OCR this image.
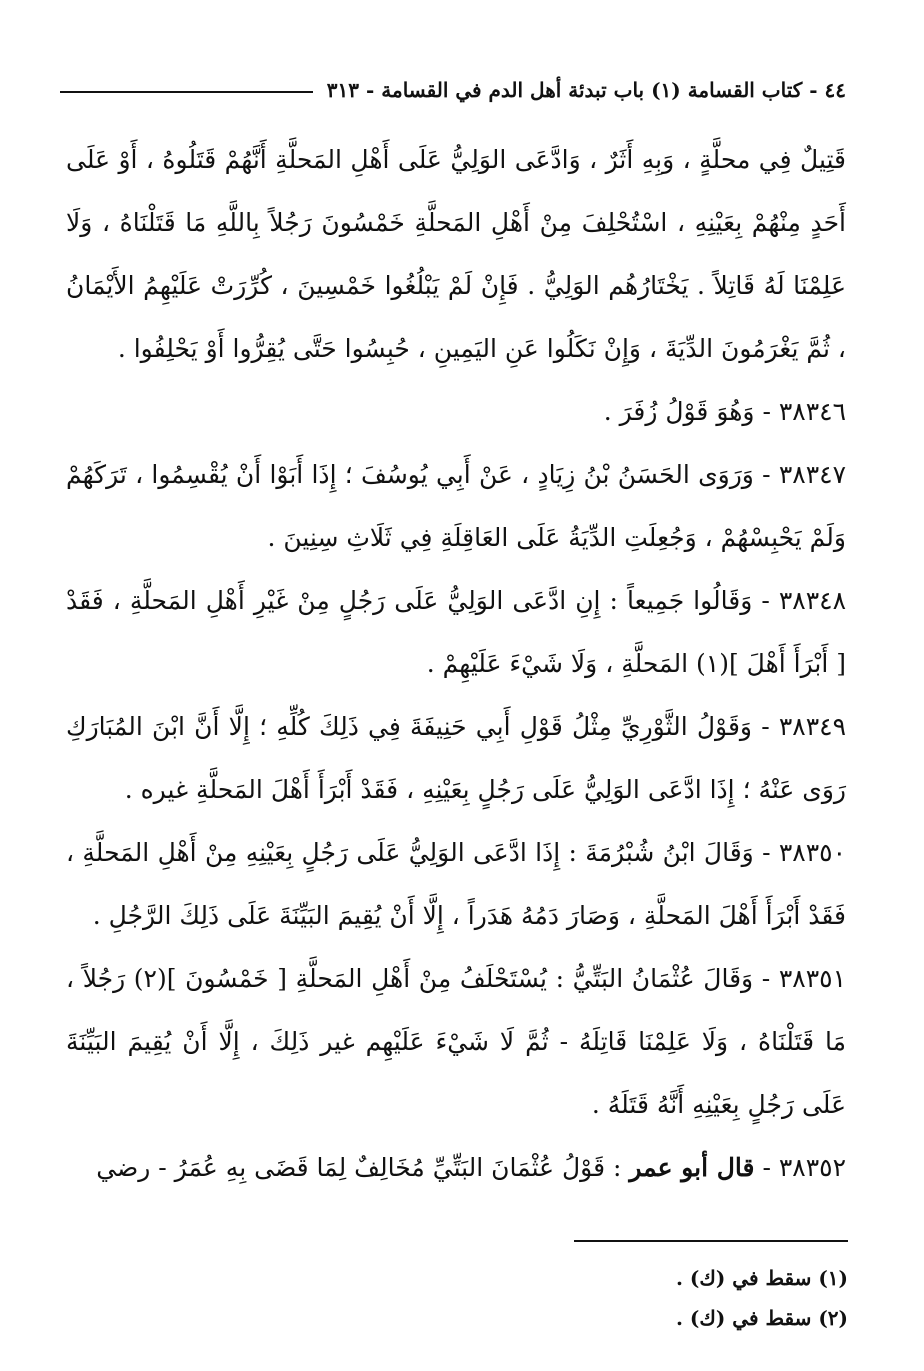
٤٤ - كتاب القسامة (١) باب تبدئة أهل الدم في القسامة - ٣١٣

قَتِيلٌ فِي محلَّةٍ ، وَبِهِ أَثَرٌ ، وَادَّعَى الوَلِيُّ عَلَى أَهْلِ المَحلَّةِ أَنَّهُمْ قَتَلُوهُ ، أَوْ عَلَى أَحَدٍ مِنْهُمْ بِعَيْنِهِ ، اسْتُحْلِفَ مِنْ أَهْلِ المَحلَّةِ خَمْسُونَ رَجُلاً بِاللَّهِ مَا قَتَلْنَاهُ ، وَلَا عَلِمْنَا لَهُ قَاتِلاً . يَخْتَارُهُم الوَلِيُّ . فَإِنْ لَمْ يَبْلُغُوا خَمْسِينَ ، كُرِّرَتْ عَلَيْهِمُ الأَيْمَانُ ، ثُمَّ يَغْرَمُونَ الدِّيَةَ ، وَإِنْ نَكَلُوا عَنِ اليَمِينِ ، حُبِسُوا حَتَّى يُقِرُّوا أَوْ يَحْلِفُوا .

٣٨٣٤٦ - وَهُوَ قَوْلُ زُفَرَ .

٣٨٣٤٧ - وَرَوَى الحَسَنُ بْنُ زِيَادٍ ، عَنْ أَبِي يُوسُفَ ؛ إِذَا أَبَوْا أَنْ يُقْسِمُوا ، تَرَكَهُمْ وَلَمْ يَحْبِسْهُمْ ، وَجُعِلَتِ الدِّيَةُ عَلَى العَاقِلَةِ فِي ثَلَاثِ سِنِينَ .

٣٨٣٤٨ - وَقَالُوا جَمِيعاً : إِنِ ادَّعَى الوَلِيُّ عَلَى رَجُلٍ مِنْ غَيْرِ أَهْلِ المَحلَّةِ ، فَقَدْ [ أَبْرَأَ أَهْلَ ](١) المَحلَّةِ ، وَلَا شَيْءَ عَلَيْهِمْ .

٣٨٣٤٩ - وَقَوْلُ الثَّوْرِيِّ مِثْلُ قَوْلِ أَبِي حَنِيفَةَ فِي ذَلِكَ كُلِّهِ ؛ إِلَّا أَنَّ ابْنَ المُبَارَكِ رَوَى عَنْهُ ؛ إِذَا ادَّعَى الوَلِيُّ عَلَى رَجُلٍ بِعَيْنِهِ ، فَقَدْ أَبْرَأَ أَهْلَ المَحلَّةِ غيره .

٣٨٣٥٠ - وَقَالَ ابْنُ شُبْرُمَةَ : إِذَا ادَّعَى الوَلِيُّ عَلَى رَجُلٍ بِعَيْنِهِ مِنْ أَهْلِ المَحلَّةِ ، فَقَدْ أَبْرَأَ أَهْلَ المَحلَّةِ ، وَصَارَ دَمُهُ هَدَراً ، إِلَّا أَنْ يُقِيمَ البَيِّنَةَ عَلَى ذَلِكَ الرَّجُلِ .

٣٨٣٥١ - وَقَالَ عُثْمَانُ البَتِّيُّ : يُسْتَحْلَفُ مِنْ أَهْلِ المَحلَّةِ [ خَمْسُونَ ](٢) رَجُلاً ، مَا قَتَلْنَاهُ ، وَلَا عَلِمْنَا قَاتِلَهُ - ثُمَّ لَا شَيْءَ عَلَيْهِم غير ذَلِكَ ، إِلَّا أَنْ يُقِيمَ البَيِّنَةَ عَلَى رَجُلٍ بِعَيْنِهِ أَنَّهُ قَتَلَهُ .

٣٨٣٥٢ - قال أبو عمر : قَوْلُ عُثْمَانَ البَتِّيِّ مُخَالِفٌ لِمَا قَضَى بِهِ عُمَرُ - رضي

(١) سقط في (ك) .

(٢) سقط في (ك) .
